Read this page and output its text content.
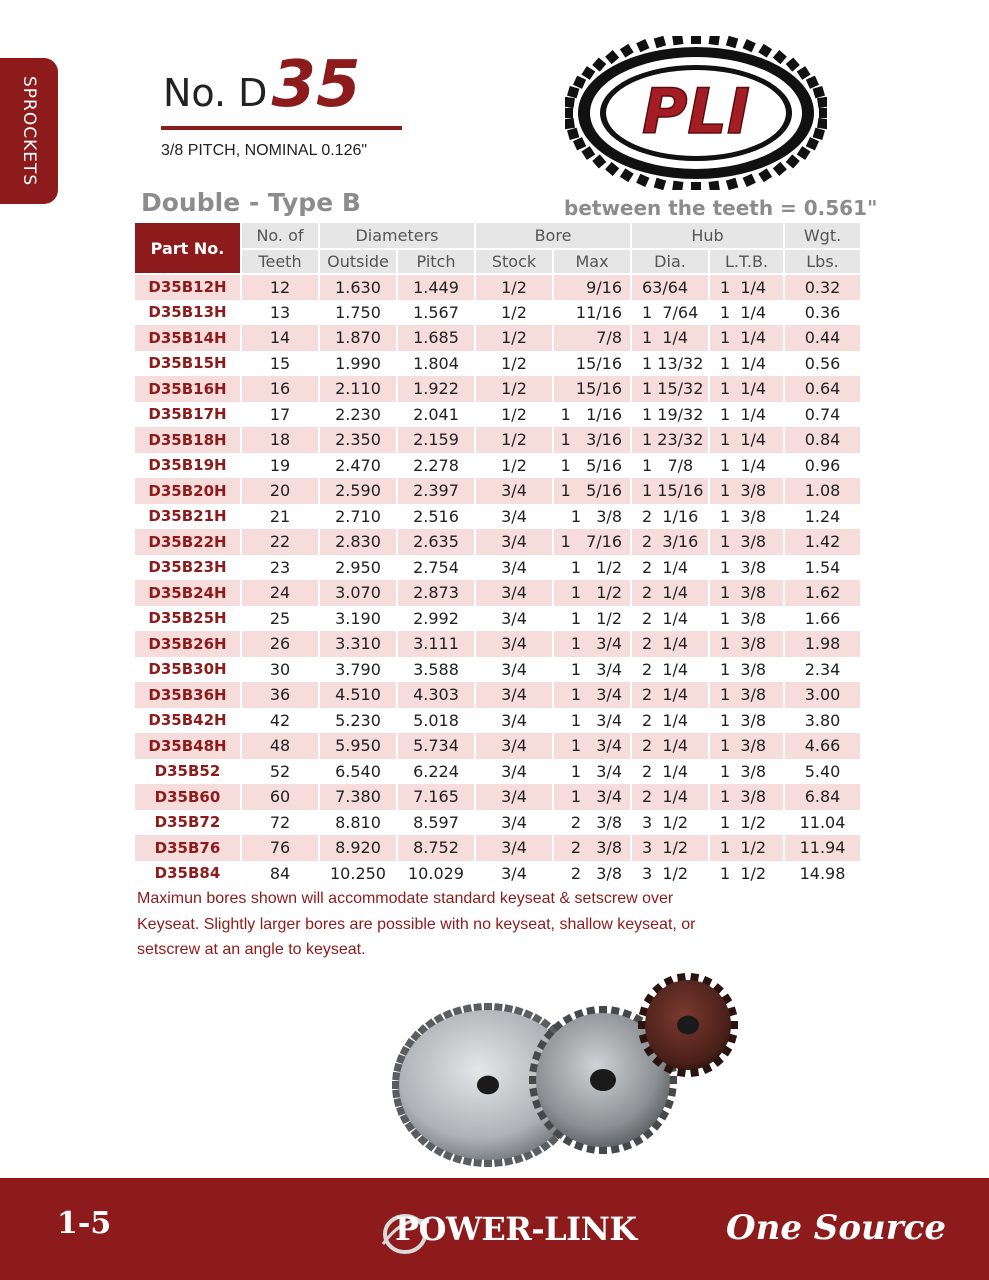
SPROCKETS	No. D35
3/8 PITCH, NOMINAL 0.126"
PLI
Double - Type B	between the teeth = 0.561"
Part No.	No. of	Diameters		Bore		Hub		Wgt.
	Teeth	Outside	Pitch	Stock	Max	Dia.	L.T.B.	Lbs.
D35B12H	12	1.630	1.449	1/2	9/16	63/64	1  1/4	0.32
D35B13H	13	1.750	1.567	1/2	11/16	1  7/64	1  1/4	0.36
D35B14H	14	1.870	1.685	1/2	7/8	1  1/4	1  1/4	0.44
D35B15H	15	1.990	1.804	1/2	15/16	1 13/32	1  1/4	0.56
D35B16H	16	2.110	1.922	1/2	15/16	1 15/32	1  1/4	0.64
D35B17H	17	2.230	2.041	1/2	1   1/16	1 19/32	1  1/4	0.74
D35B18H	18	2.350	2.159	1/2	1   3/16	1 23/32	1  1/4	0.84
D35B19H	19	2.470	2.278	1/2	1   5/16	1   7/8	1  1/4	0.96
D35B20H	20	2.590	2.397	3/4	1   5/16	1 15/16	1  3/8	1.08
D35B21H	21	2.710	2.516	3/4	1   3/8	2  1/16	1  3/8	1.24
D35B22H	22	2.830	2.635	3/4	1   7/16	2  3/16	1  3/8	1.42
D35B23H	23	2.950	2.754	3/4	1   1/2	2  1/4	1  3/8	1.54
D35B24H	24	3.070	2.873	3/4	1   1/2	2  1/4	1  3/8	1.62
D35B25H	25	3.190	2.992	3/4	1   1/2	2  1/4	1  3/8	1.66
D35B26H	26	3.310	3.111	3/4	1   3/4	2  1/4	1  3/8	1.98
D35B30H	30	3.790	3.588	3/4	1   3/4	2  1/4	1  3/8	2.34
D35B36H	36	4.510	4.303	3/4	1   3/4	2  1/4	1  3/8	3.00
D35B42H	42	5.230	5.018	3/4	1   3/4	2  1/4	1  3/8	3.80
D35B48H	48	5.950	5.734	3/4	1   3/4	2  1/4	1  3/8	4.66
D35B52	52	6.540	6.224	3/4	1   3/4	2  1/4	1  3/8	5.40
D35B60	60	7.380	7.165	3/4	1   3/4	2  1/4	1  3/8	6.84
D35B72	72	8.810	8.597	3/4	2   3/8	3  1/2	1  1/2	11.04
D35B76	76	8.920	8.752	3/4	2   3/8	3  1/2	1  1/2	11.94
D35B84	84	10.250	10.029	3/4	2   3/8	3  1/2	1  1/2	14.98
Maximun bores shown will accommodate standard keyseat & setscrew over
Keyseat. Slightly larger bores are possible with no keyseat, shallow keyseat, or
setscrew at an angle to keyseat.
1-5	POWER-LINK	One Source
